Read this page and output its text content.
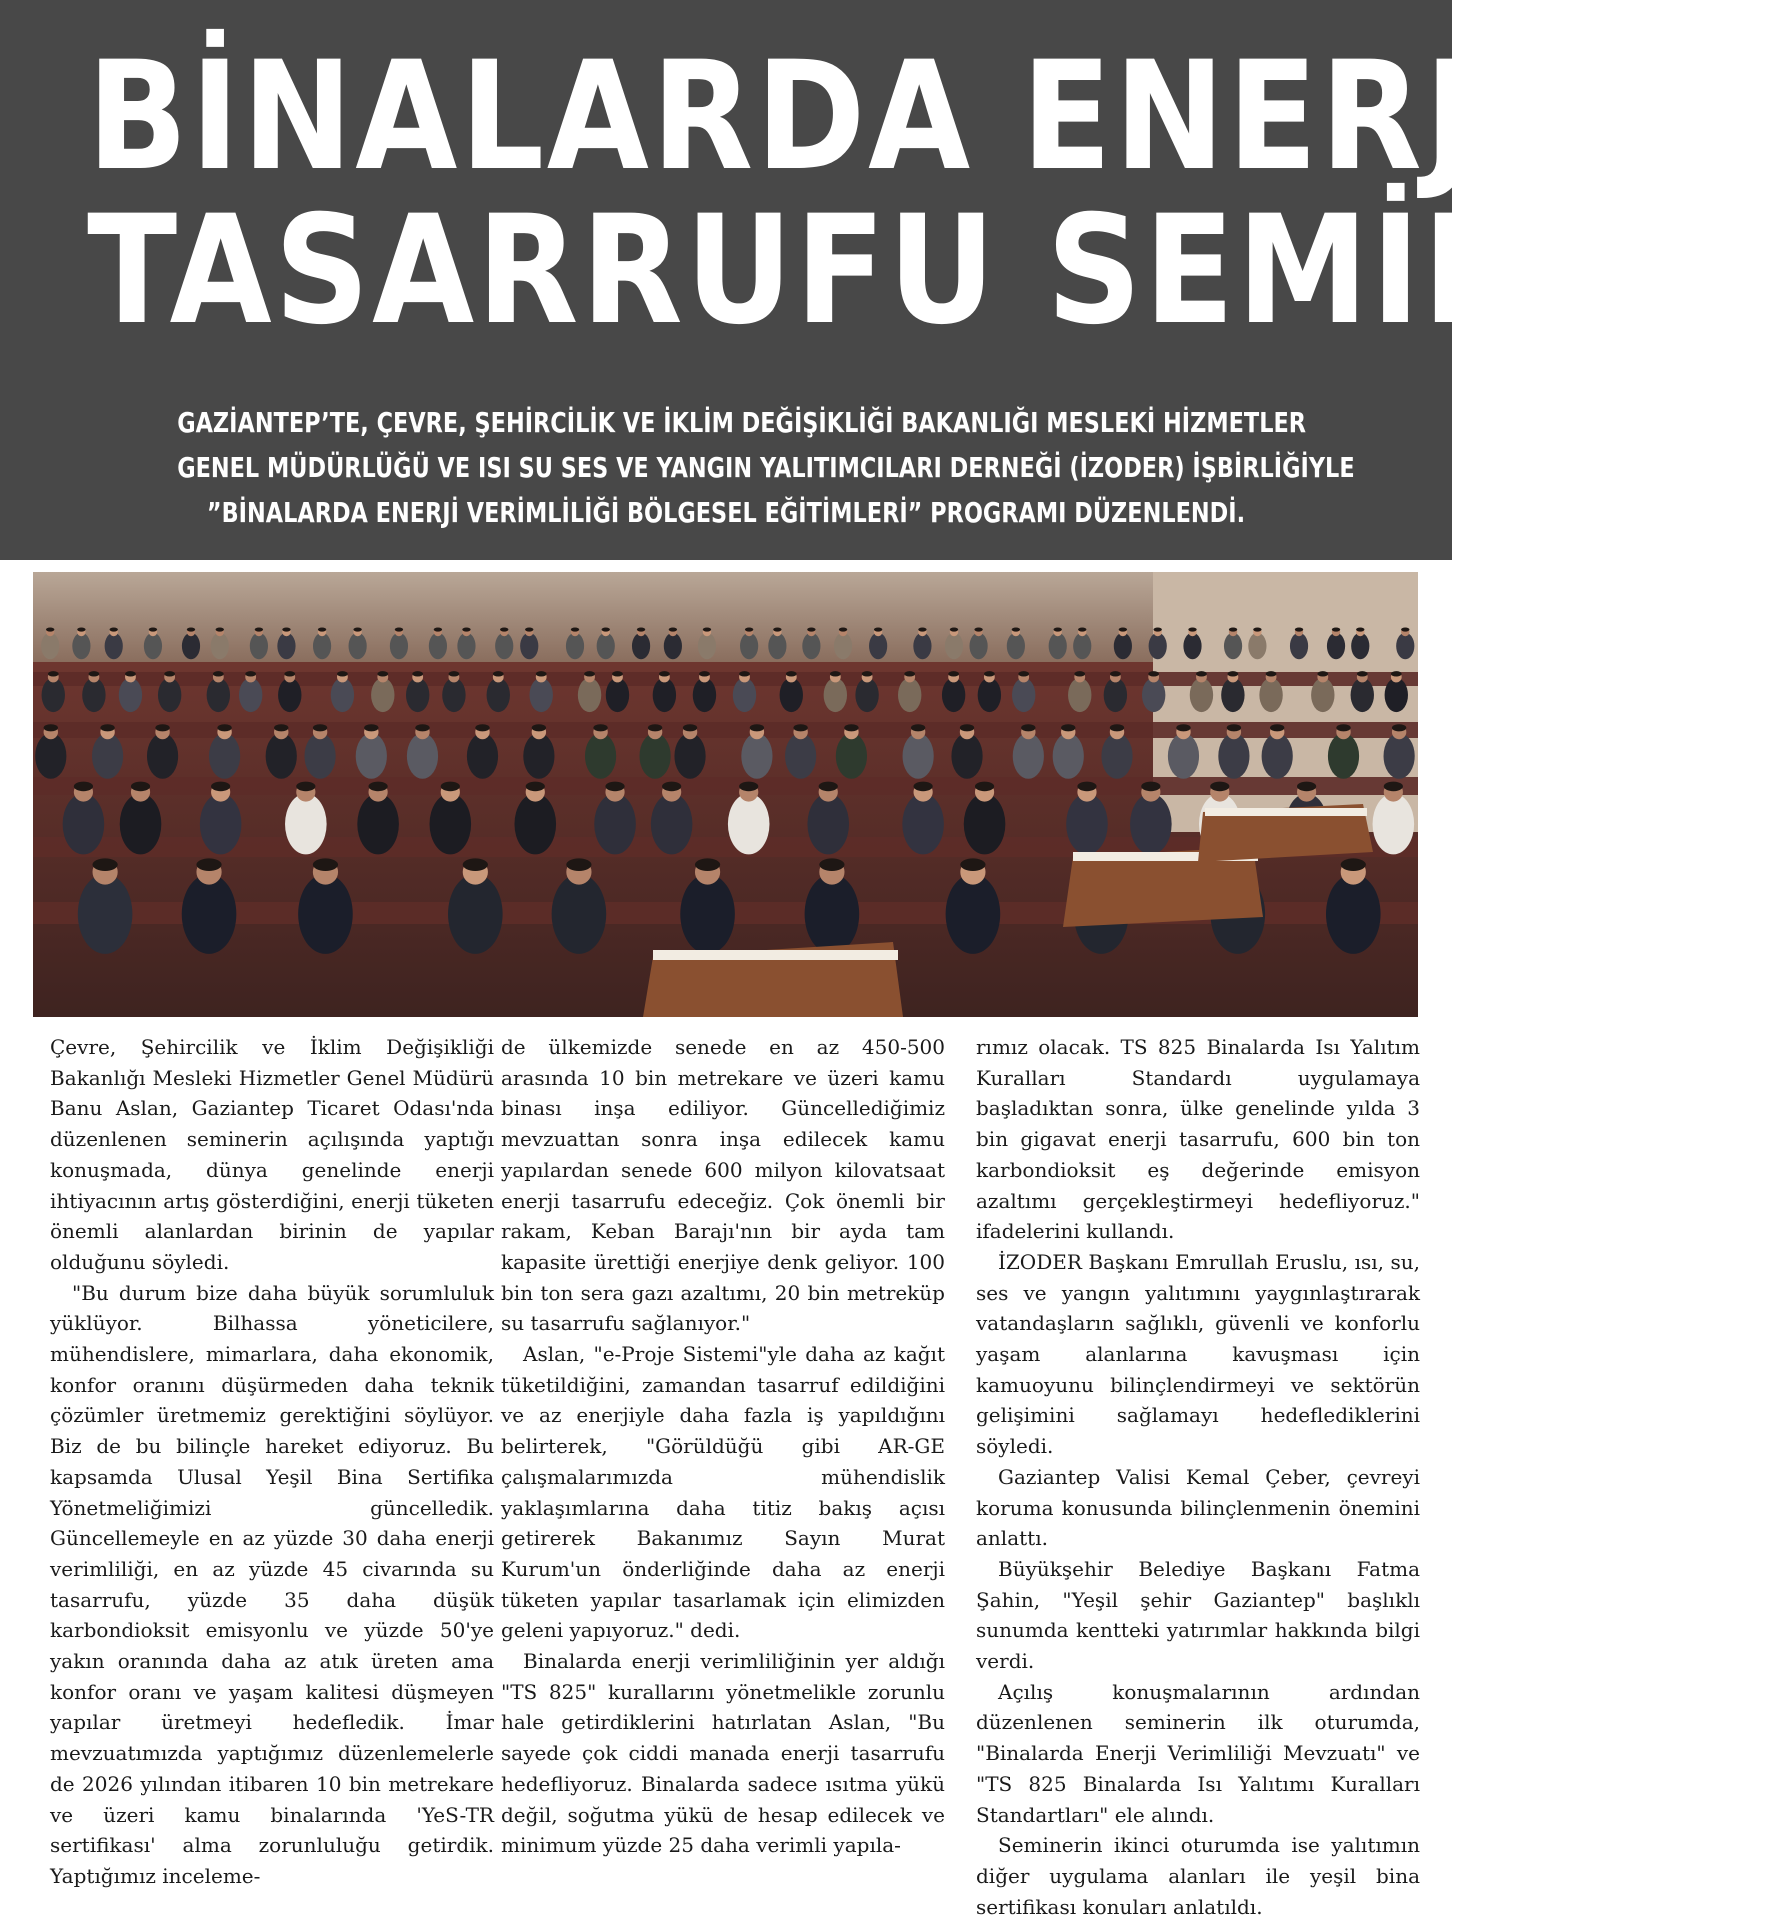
BİNALARDA ENERJİ
TASARRUFU SEMİNERİ
GAZİANTEP’TE, ÇEVRE, ŞEHİRCİLİK VE İKLİM DEĞİŞİKLİĞİ BAKANLIĞI MESLEKİ HİZMETLER
GENEL MÜDÜRLÜĞÜ VE ISI SU SES VE YANGIN YALITIMCILARI DERNEĞİ (İZODER) İŞBİRLİĞİYLE
”BİNALARDA ENERJİ VERİMLİLİĞİ BÖLGESEL EĞİTİMLERİ” PROGRAMI DÜZENLENDİ.

Çevre, Şehircilik ve İklim Değişikliği Bakanlığı Mesleki Hizmetler Genel Müdürü Banu Aslan, Gaziantep Ticaret Odası'nda düzenlenen seminerin açılışında yaptığı konuşmada, dünya genelinde enerji ihtiyacının artış gösterdiğini, enerji tüketen önemli alanlardan birinin de yapılar olduğunu söyledi.

"Bu durum bize daha büyük sorumluluk yüklüyor. Bilhassa yöneticilere, mühendislere, mimarlara, daha ekonomik, konfor oranını düşürmeden daha teknik çözümler üretmemiz gerektiğini söylüyor. Biz de bu bilinçle hareket ediyoruz. Bu kapsamda Ulusal Yeşil Bina Sertifika Yönetmeliğimizi güncelledik. Güncellemeyle en az yüzde 30 daha enerji verimliliği, en az yüzde 45 civarında su tasarrufu, yüzde 35 daha düşük karbondioksit emisyonlu ve yüzde 50'ye yakın oranında daha az atık üreten ama konfor oranı ve yaşam kalitesi düşmeyen yapılar üretmeyi hedefledik. İmar mevzuatımızda yaptığımız düzenlemelerle de 2026 yılından itibaren 10 bin metrekare ve üzeri kamu binalarında 'YeS-TR sertifikası' alma zorunluluğu getirdik. Yaptığımız inceleme-

de ülkemizde senede en az 450-500 arasında 10 bin metrekare ve üzeri kamu binası inşa ediliyor. Güncellediğimiz mevzuattan sonra inşa edilecek kamu yapılardan senede 600 milyon kilovatsaat enerji tasarrufu edeceğiz. Çok önemli bir rakam, Keban Barajı'nın bir ayda tam kapasite ürettiği enerjiye denk geliyor. 100 bin ton sera gazı azaltımı, 20 bin metreküp su tasarrufu sağlanıyor."

Aslan, "e-Proje Sistemi"yle daha az kağıt tüketildiğini, zamandan tasarruf edildiğini ve az enerjiyle daha fazla iş yapıldığını belirterek, "Görüldüğü gibi AR-GE çalışmalarımızda mühendislik yaklaşımlarına daha titiz bakış açısı getirerek Bakanımız Sayın Murat Kurum'un önderliğinde daha az enerji tüketen yapılar tasarlamak için elimizden geleni yapıyoruz." dedi.

Binalarda enerji verimliliğinin yer aldığı "TS 825" kurallarını yönetmelikle zorunlu hale getirdiklerini hatırlatan Aslan, "Bu sayede çok ciddi manada enerji tasarrufu hedefliyoruz. Binalarda sadece ısıtma yükü değil, soğutma yükü de hesap edilecek ve minimum yüzde 25 daha verimli yapıla-

rımız olacak. TS 825 Binalarda Isı Yalıtım Kuralları Standardı uygulamaya başladıktan sonra, ülke genelinde yılda 3 bin gigavat enerji tasarrufu, 600 bin ton karbondioksit eş değerinde emisyon azaltımı gerçekleştirmeyi hedefliyoruz." ifadelerini kullandı.

İZODER Başkanı Emrullah Eruslu, ısı, su, ses ve yangın yalıtımını yaygınlaştırarak vatandaşların sağlıklı, güvenli ve konforlu yaşam alanlarına kavuşması için kamuoyunu bilinçlendirmeyi ve sektörün gelişimini sağlamayı hedeflediklerini söyledi.

Gaziantep Valisi Kemal Çeber, çevreyi koruma konusunda bilinçlenmenin önemini anlattı.

Büyükşehir Belediye Başkanı Fatma Şahin, "Yeşil şehir Gaziantep" başlıklı sunumda kentteki yatırımlar hakkında bilgi verdi.

Açılış konuşmalarının ardından düzenlenen seminerin ilk oturumda, "Binalarda Enerji Verimliliği Mevzuatı" ve "TS 825 Binalarda Isı Yalıtımı Kuralları Standartları" ele alındı.

Seminerin ikinci oturumda ise yalıtımın diğer uygulama alanları ile yeşil bina sertifikası konuları anlatıldı.
